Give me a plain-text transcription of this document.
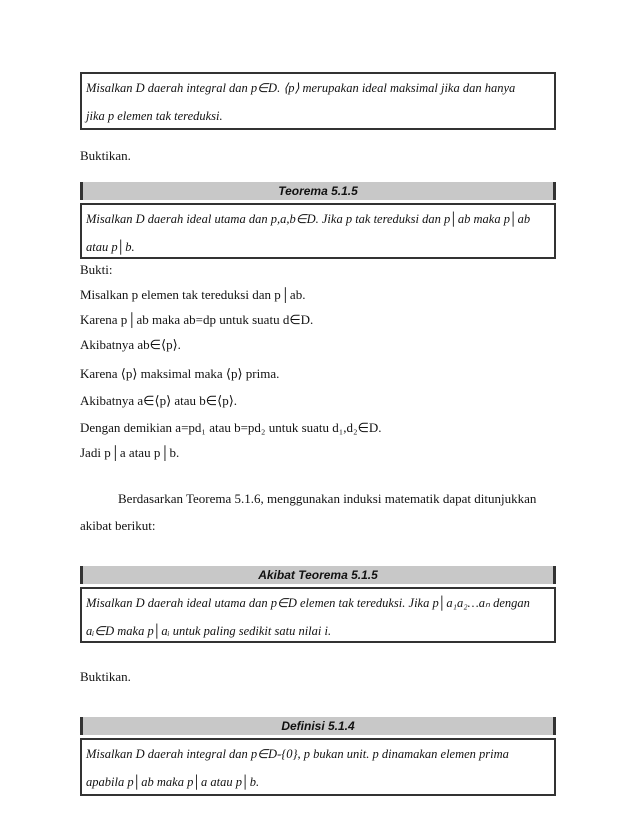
Misalkan D daerah integral dan p∈D. ⟨p⟩ merupakan ideal maksimal jika dan hanya
jika p elemen tak tereduksi.
Buktikan.
Teorema 5.1.5
Misalkan D daerah ideal utama dan p,a,b∈D. Jika p tak tereduksi dan p│ab maka p│ab
atau p│b.
Bukti:
Misalkan p elemen tak tereduksi dan p│ab.
Karena p│ab maka ab=dp untuk suatu d∈D.
Akibatnya ab∈⟨p⟩.
Karena ⟨p⟩ maksimal maka ⟨p⟩ prima.
Akibatnya a∈⟨p⟩ atau b∈⟨p⟩.
Dengan demikian a=pd₁ atau b=pd₂ untuk suatu d₁,d₂∈D.
Jadi p│a atau p│b.
Berdasarkan Teorema 5.1.6, menggunakan induksi matematik dapat ditunjukkan
akibat berikut:
Akibat Teorema 5.1.5
Misalkan D daerah ideal utama dan p∈D elemen tak tereduksi. Jika p│a₁a₂…aₙ dengan
aᵢ∈D maka p│aᵢ untuk paling sedikit satu nilai i.
Buktikan.
Definisi 5.1.4
Misalkan D daerah integral dan p∈D-{0}, p bukan unit. p dinamakan elemen prima
apabila p│ab maka p│a atau p│b.
